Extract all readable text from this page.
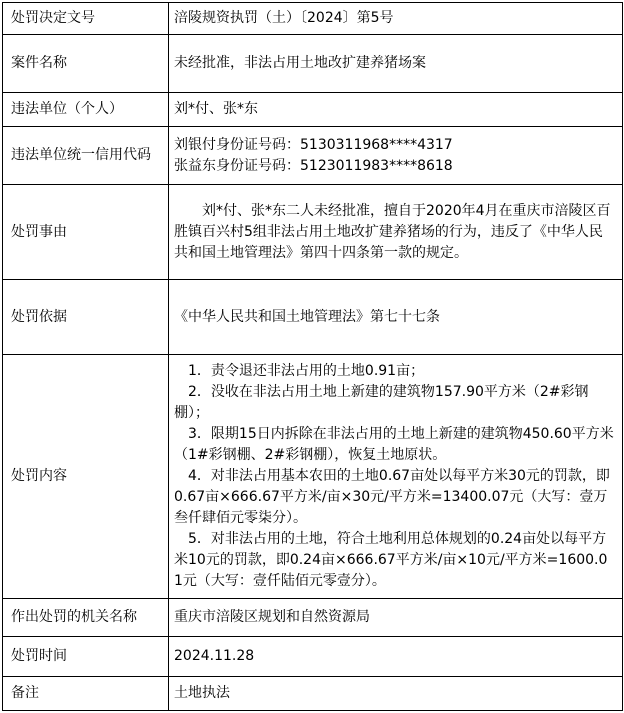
处罚决定文号	涪陵规资执罚（土）〔2024〕第5号
案件名称	未经批准，非法占用土地改扩建养猪场案
违法单位（个人）	刘*付、张*东
违法单位统一信用代码	刘银付身份证号码：5130311968****4317
张益东身份证号码：5123011983****8618

处罚事由	刘*付、张*东二人未经批准，擅自于2020年4月在重庆市涪陵区百胜镇百兴村5组非法占用土地改扩建养猪场的行为，违反了《中华人民共和国土地管理法》第四十四条第一款的规定。
处罚依据	《中华人民共和国土地管理法》第七十七条
处罚内容	1．责令退还非法占用的土地0.91亩；
2．没收在非法占用土地上新建的建筑物157.90平方米（2#彩钢棚）；
3．限期15日内拆除在非法占用的土地上新建的建筑物450.60平方米（1#彩钢棚、2#彩钢棚），恢复土地原状。
4．对非法占用基本农田的土地0.67亩处以每平方米30元的罚款，即0.67亩×666.67平方米/亩×30元/平方米=13400.07元（大写：壹万叁仟肆佰元零柒分）。
5．对非法占用的土地，符合土地利用总体规划的0.24亩处以每平方米10元的罚款，即0.24亩×666.67平方米/亩×10元/平方米=1600.01元（大写：壹仟陆佰元零壹分）。

作出处罚的机关名称	重庆市涪陵区规划和自然资源局
处罚时间	2024.11.28
备注	土地执法
